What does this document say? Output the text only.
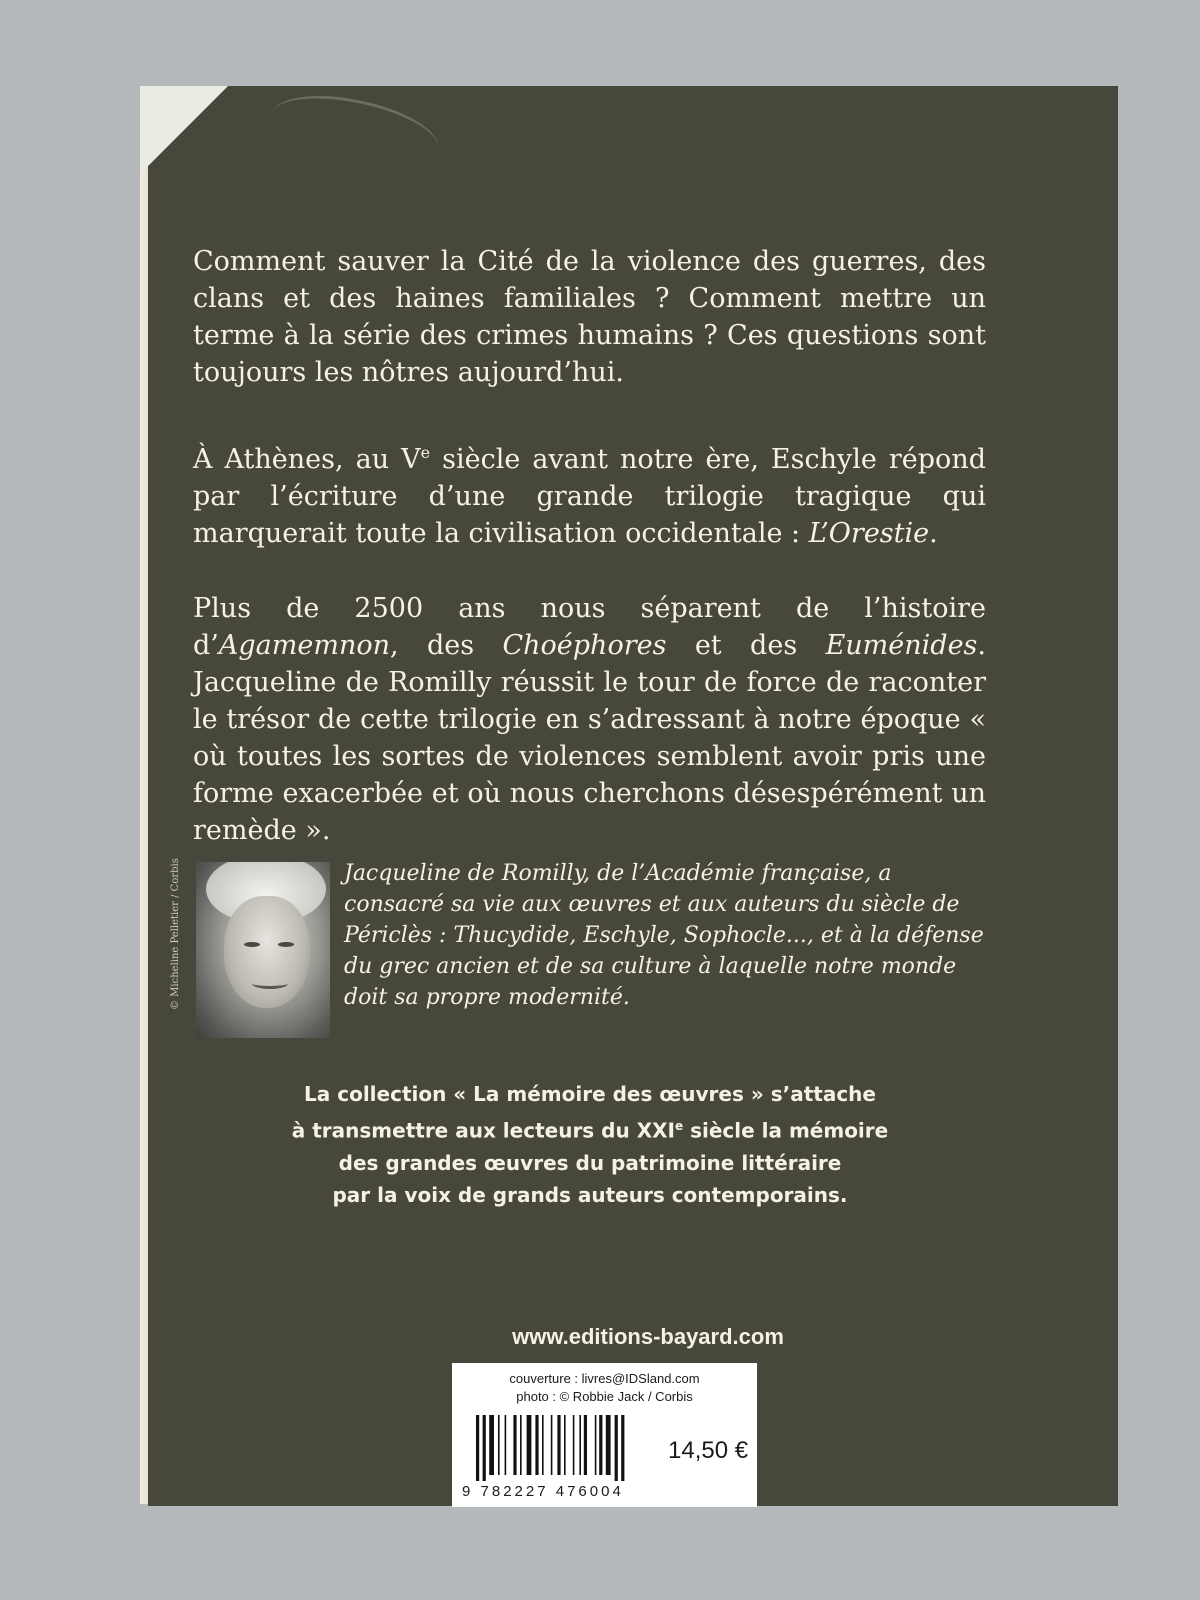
Comment sauver la Cité de la violence des guerres, des clans et des haines familiales ? Comment mettre un terme à la série des crimes humains ? Ces questions sont toujours les nôtres aujourd’hui.

À Athènes, au Ve siècle avant notre ère, Eschyle répond par l’écriture d’une grande trilogie tragique qui marquerait toute la civilisation occidentale : L’Orestie.

Plus de 2500 ans nous séparent de l’histoire d’Agamemnon, des Choéphores et des Euménides. Jacqueline de Romilly réussit le tour de force de raconter le trésor de cette trilogie en s’adressant à notre époque « où toutes les sortes de violences semblent avoir pris une forme exacerbée et où nous cherchons désespérément un remède ».

© Micheline Pelletier / Corbis	Jacqueline de Romilly, de l’Académie française, a consacré sa vie aux œuvres et aux auteurs du siècle de Périclès : Thucydide, Eschyle, Sophocle..., et à la défense du grec ancien et de sa culture à laquelle notre monde doit sa propre modernité.

La collection « La mémoire des œuvres » s’attache
à transmettre aux lecteurs du XXIe siècle la mémoire
des grandes œuvres du patrimoine littéraire
par la voix de grands auteurs contemporains.
www.editions-bayard.com
couverture : livres@IDSland.com
photo : © Robbie Jack / Corbis
9 782227 476004
14,50 €
